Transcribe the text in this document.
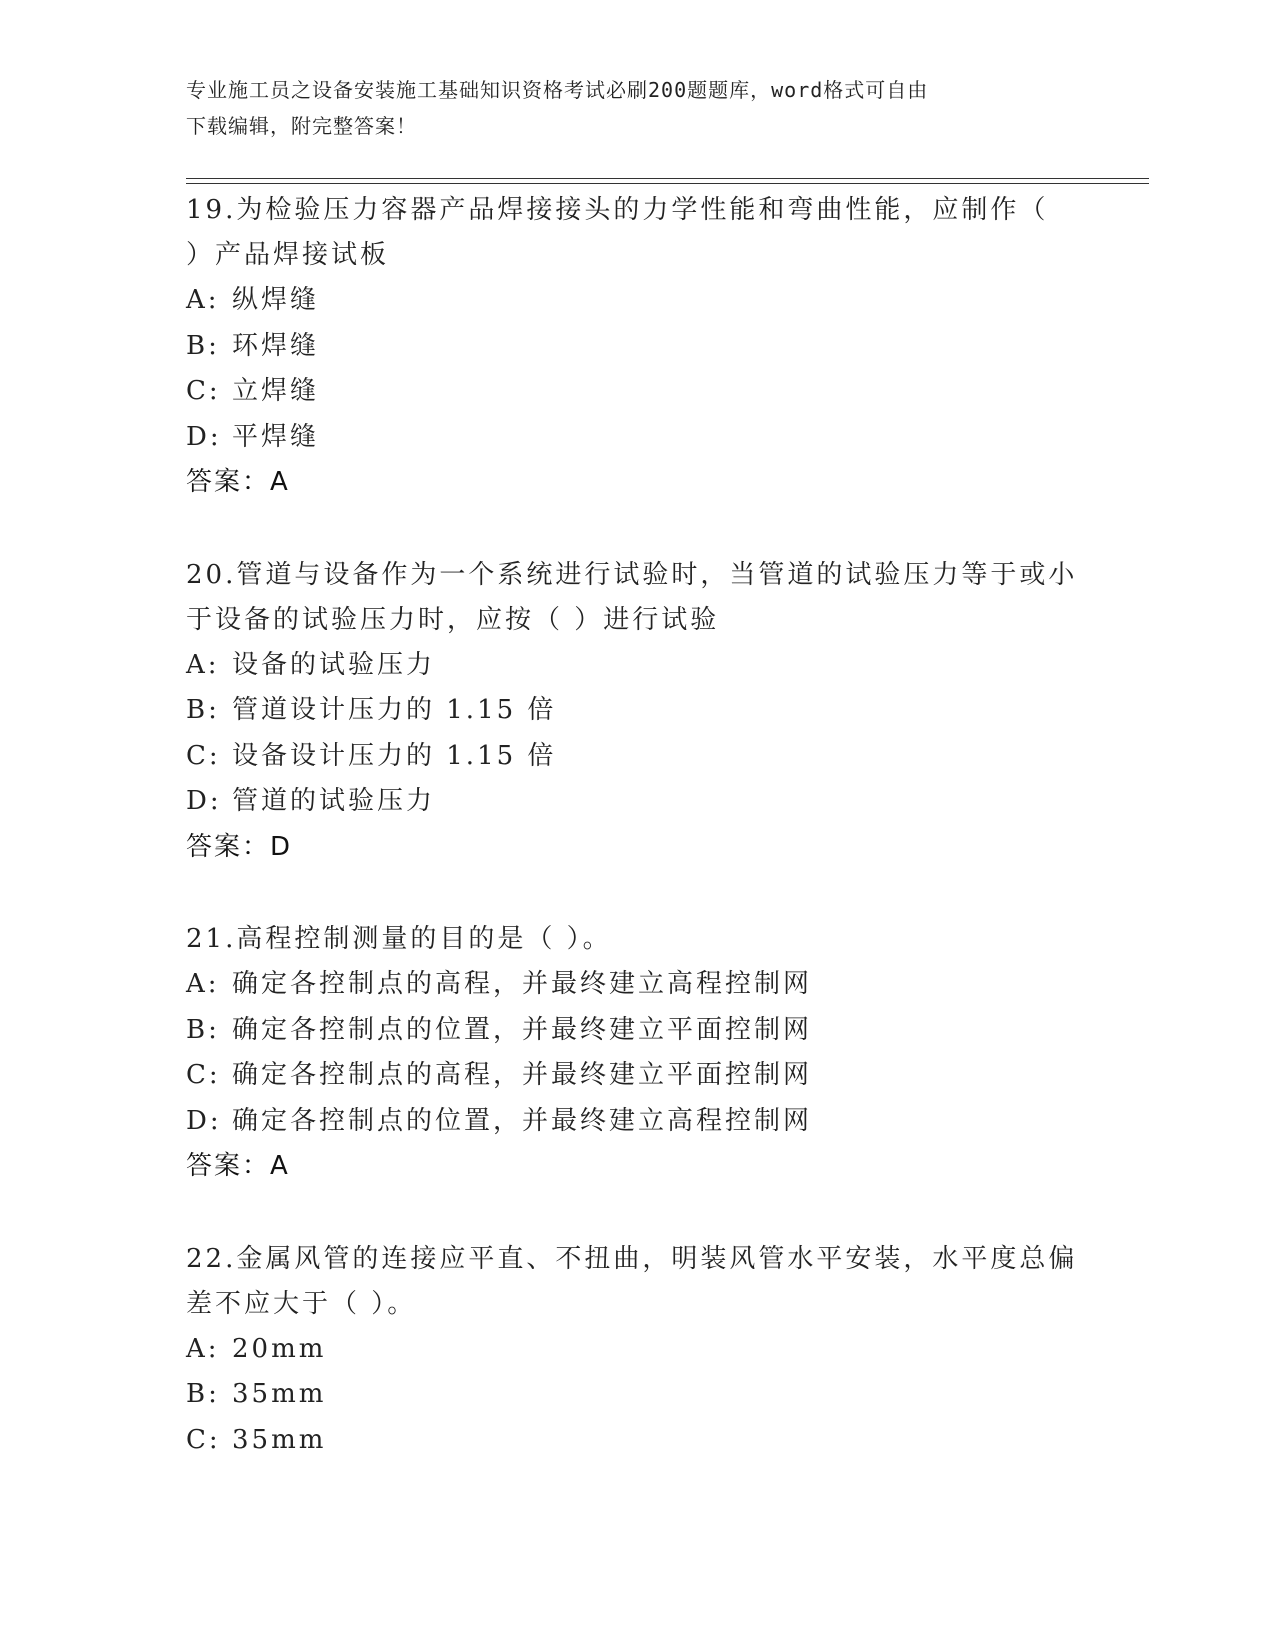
专业施工员之设备安装施工基础知识资格考试必刷200题题库，word格式可自由
下载编辑，附完整答案！

19.为检验压力容器产品焊接接头的力学性能和弯曲性能，应制作（

）产品焊接试板

A: 纵焊缝

B: 环焊缝

C: 立焊缝

D: 平焊缝

答案：A

20.管道与设备作为一个系统进行试验时，当管道的试验压力等于或小

于设备的试验压力时，应按（ ）进行试验

A: 设备的试验压力

B: 管道设计压力的 1.15 倍

C: 设备设计压力的 1.15 倍

D: 管道的试验压力

答案：D

21.高程控制测量的目的是（ ）。

A: 确定各控制点的高程，并最终建立高程控制网

B: 确定各控制点的位置，并最终建立平面控制网

C: 确定各控制点的高程，并最终建立平面控制网

D: 确定各控制点的位置，并最终建立高程控制网

答案：A

22.金属风管的连接应平直、不扭曲，明装风管水平安装，水平度总偏

差不应大于（ ）。

A: 20mm

B: 35mm

C: 35mm
